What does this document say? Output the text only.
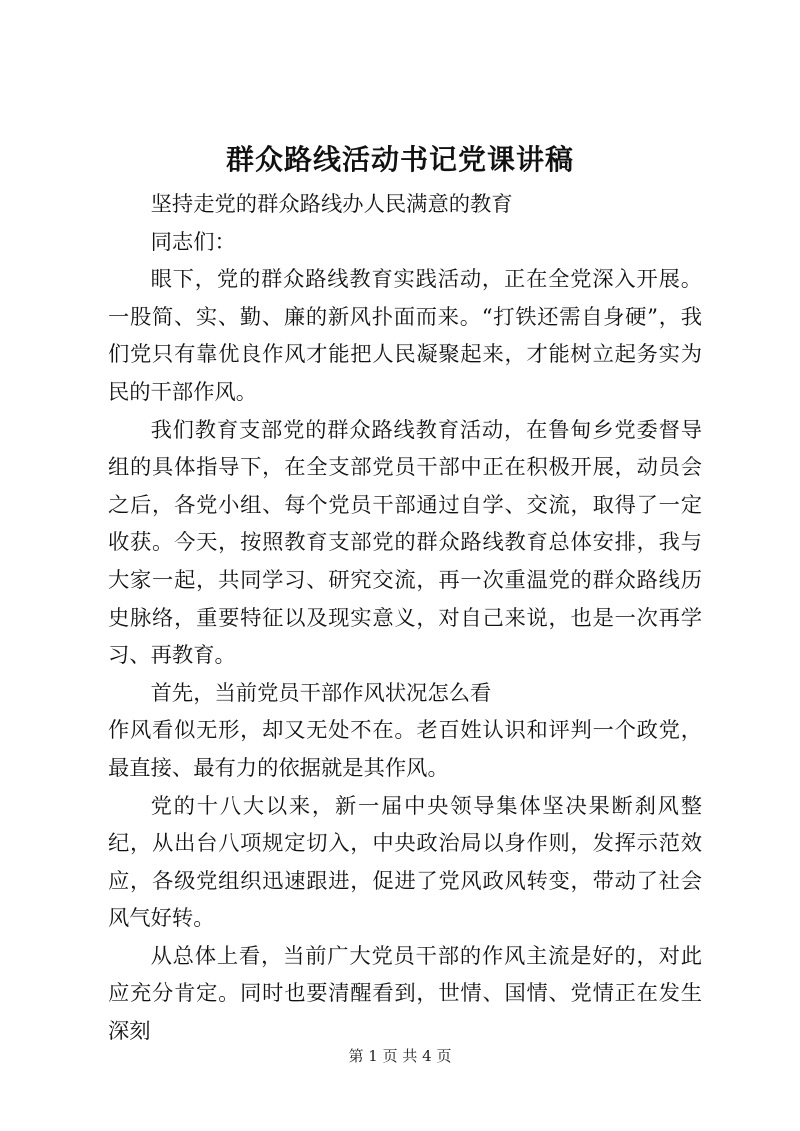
群众路线活动书记党课讲稿

坚持走党的群众路线办人民满意的教育

同志们：

眼下，党的群众路线教育实践活动，正在全党深入开展。一股简、实、勤、廉的新风扑面而来。“打铁还需自身硬”，我们党只有靠优良作风才能把人民凝聚起来，才能树立起务实为民的干部作风。

我们教育支部党的群众路线教育活动，在鲁甸乡党委督导组的具体指导下，在全支部党员干部中正在积极开展，动员会之后，各党小组、每个党员干部通过自学、交流，取得了一定收获。今天，按照教育支部党的群众路线教育总体安排，我与大家一起，共同学习、研究交流，再一次重温党的群众路线历史脉络，重要特征以及现实意义，对自己来说，也是一次再学习、再教育。

首先，当前党员干部作风状况怎么看

作风看似无形，却又无处不在。老百姓认识和评判一个政党，最直接、最有力的依据就是其作风。

党的十八大以来，新一届中央领导集体坚决果断刹风整纪，从出台八项规定切入，中央政治局以身作则，发挥示范效应，各级党组织迅速跟进，促进了党风政风转变，带动了社会风气好转。

从总体上看，当前广大党员干部的作风主流是好的，对此应充分肯定。同时也要清醒看到，世情、国情、党情正在发生深刻

第 1 页 共 4 页
